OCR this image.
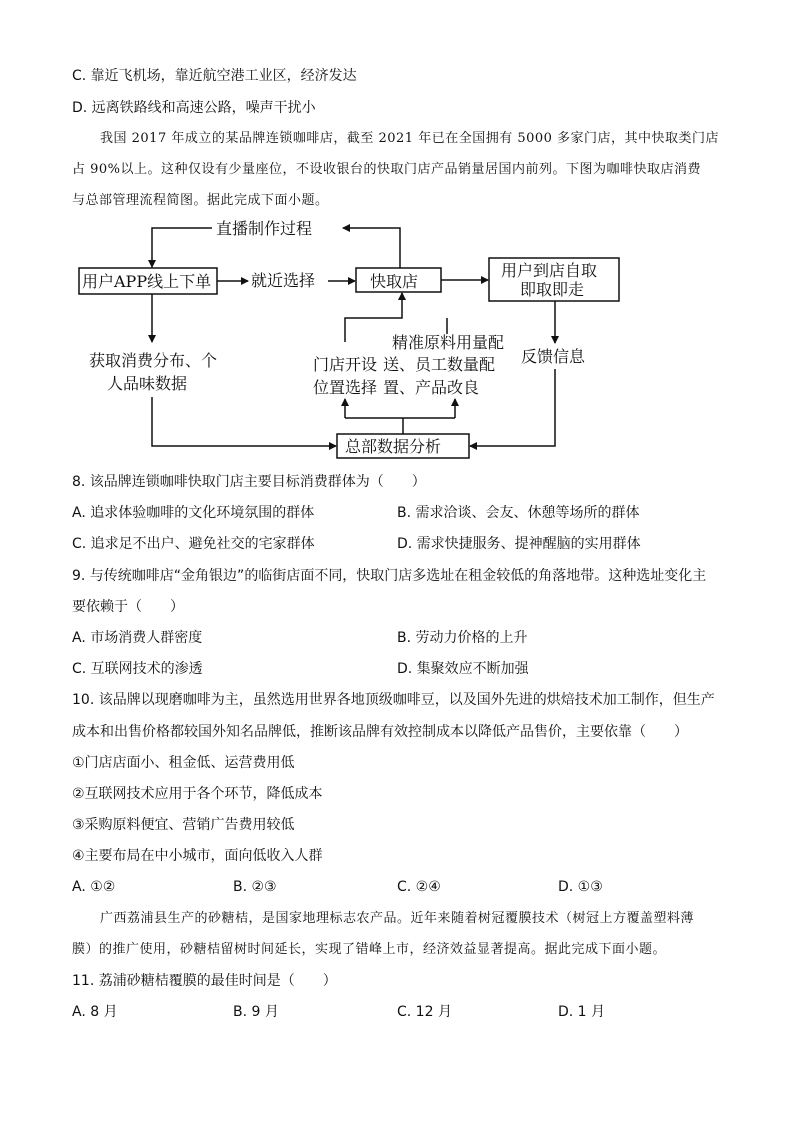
C. 靠近飞机场，靠近航空港工业区，经济发达
D. 远离铁路线和高速公路，噪声干扰小
我国 2017 年成立的某品牌连锁咖啡店，截至 2021 年已在全国拥有 5000 多家门店，其中快取类门店
占 90%以上。这种仅设有少量座位，不设收银台的快取门店产品销量居国内前列。下图为咖啡快取店消费
与总部管理流程简图。据此完成下面小题。
直播制作过程
用户APP线上下单 就近选择	快取店
用户到店自取
即取即走
获取消费分布、个
人品味数据
门店开设
位置选择
精准原料用量配
送、员工数量配
置、产品改良
反馈信息
总部数据分析
8. 该品牌连锁咖啡快取门店主要目标消费群体为（　　）
A. 追求体验咖啡的文化环境氛围的群体	B. 需求洽谈、会友、休憩等场所的群体
C. 追求足不出户、避免社交的宅家群体	D. 需求快捷服务、提神醒脑的实用群体
9. 与传统咖啡店“金角银边”的临街店面不同，快取门店多选址在租金较低的角落地带。这种选址变化主
要依赖于（　　）
A. 市场消费人群密度	B. 劳动力价格的上升
C. 互联网技术的渗透	D. 集聚效应不断加强
10. 该品牌以现磨咖啡为主，虽然选用世界各地顶级咖啡豆，以及国外先进的烘焙技术加工制作，但生产
成本和出售价格都较国外知名品牌低，推断该品牌有效控制成本以降低产品售价，主要依靠（　　）
①门店店面小、租金低、运营费用低
②互联网技术应用于各个环节，降低成本
③采购原料便宜、营销广告费用较低
④主要布局在中小城市，面向低收入人群
A. ①②	B. ②③	C. ②④	D. ①③
广西荔浦县生产的砂糖桔，是国家地理标志农产品。近年来随着树冠覆膜技术（树冠上方覆盖塑料薄
膜）的推广使用，砂糖桔留树时间延长，实现了错峰上市，经济效益显著提高。据此完成下面小题。
11. 荔浦砂糖桔覆膜的最佳时间是（　　）
A. 8 月	B. 9 月	C. 12 月	D. 1 月
